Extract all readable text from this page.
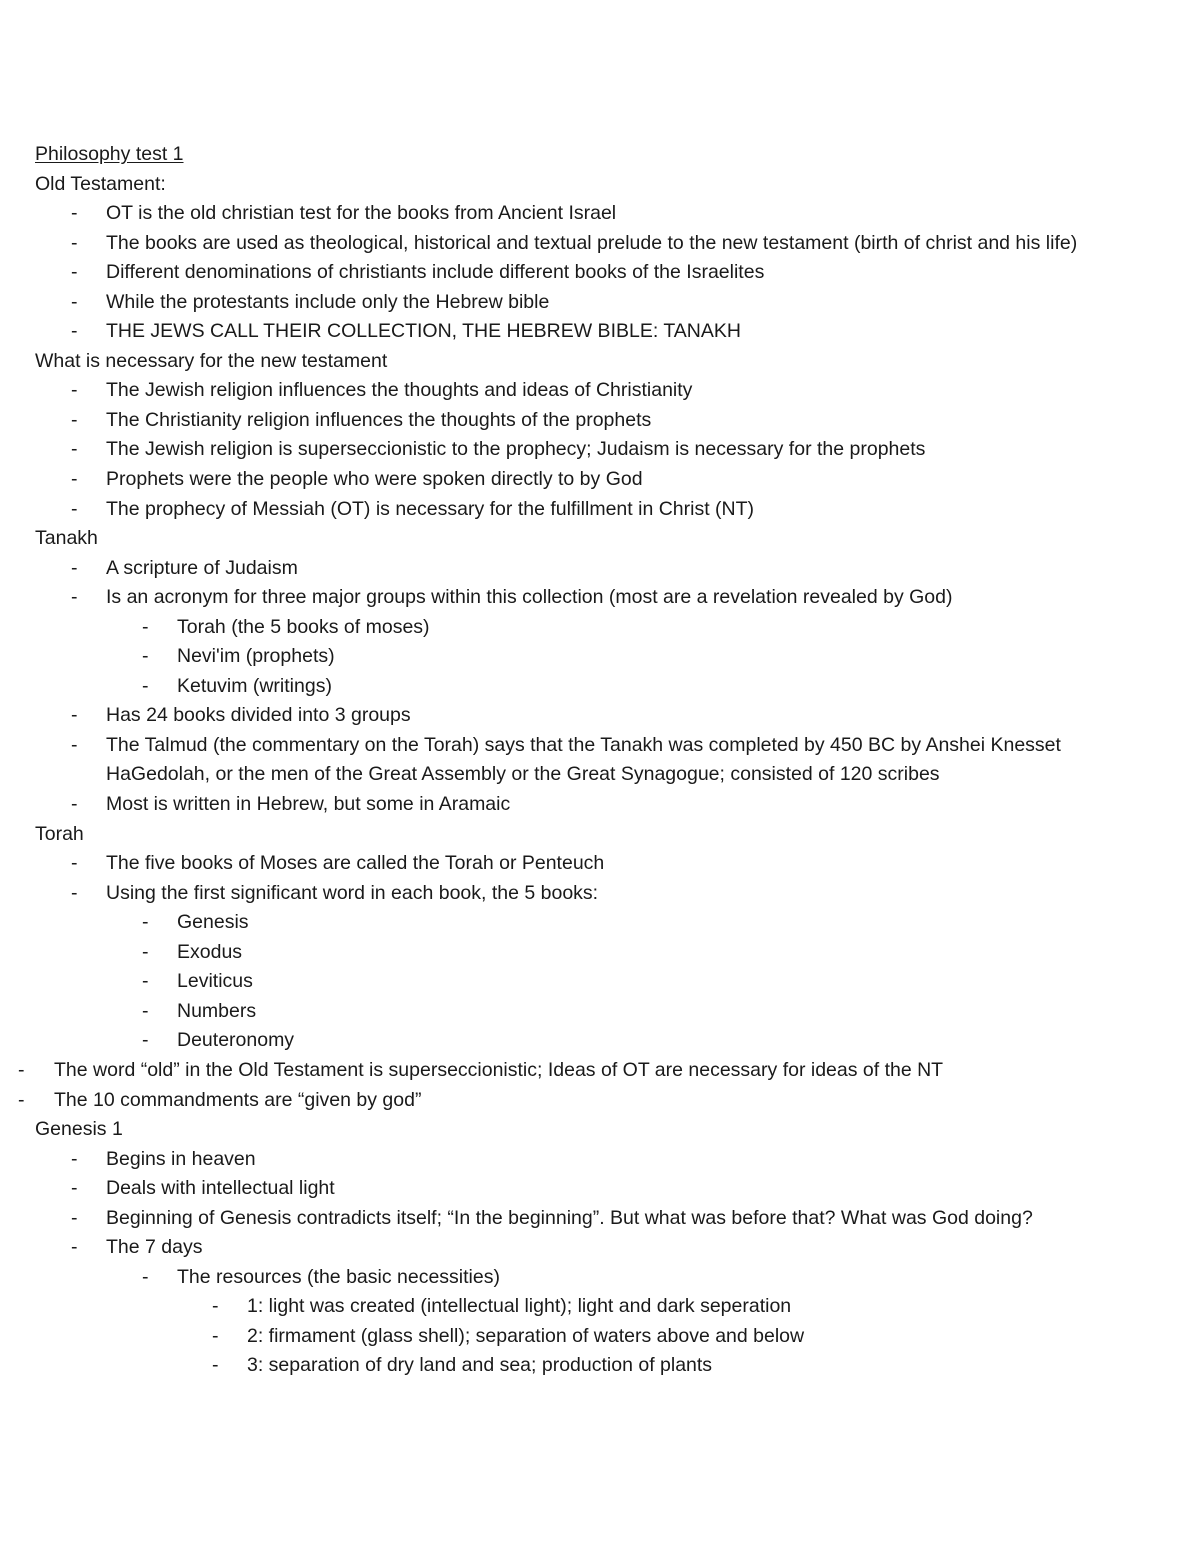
Philosophy test 1
Old Testament:
- OT is the old christian test for the books from Ancient Israel
- The books are used as theological, historical and textual prelude to the new testament (birth of christ and his life)
- Different denominations of christiants include different books of the Israelites
- While the protestants include only the Hebrew bible
- THE JEWS CALL THEIR COLLECTION, THE HEBREW BIBLE: TANAKH
What is necessary for the new testament
- The Jewish religion influences the thoughts and ideas of Christianity
- The Christianity religion influences the thoughts of the prophets
- The Jewish religion is superseccionistic to the prophecy; Judaism is necessary for the prophets
- Prophets were the people who were spoken directly to by God
- The prophecy of Messiah (OT) is necessary for the fulfillment in Christ (NT)
Tanakh
- A scripture of Judaism
- Is an acronym for three major groups within this collection (most are a revelation revealed by God)
- Torah (the 5 books of moses)
- Nevi'im (prophets)
- Ketuvim (writings)
- Has 24 books divided into 3 groups
- The Talmud (the commentary on the Torah) says that the Tanakh was completed by 450 BC by Anshei Knesset HaGedolah, or the men of the Great Assembly or the Great Synagogue; consisted of 120 scribes
- Most is written in Hebrew, but some in Aramaic
Torah
- The five books of Moses are called the Torah or Penteuch
- Using the first significant word in each book, the 5 books:
- Genesis
- Exodus
- Leviticus
- Numbers
- Deuteronomy
- The word “old” in the Old Testament is superseccionistic; Ideas of OT are necessary for ideas of the NT
- The 10 commandments are “given by god”
Genesis 1
- Begins in heaven
- Deals with intellectual light
- Beginning of Genesis contradicts itself; “In the beginning”. But what was before that? What was God doing?
- The 7 days
- The resources (the basic necessities)
- 1: light was created (intellectual light); light and dark seperation
- 2: firmament (glass shell); separation of waters above and below
- 3: separation of dry land and sea; production of plants
